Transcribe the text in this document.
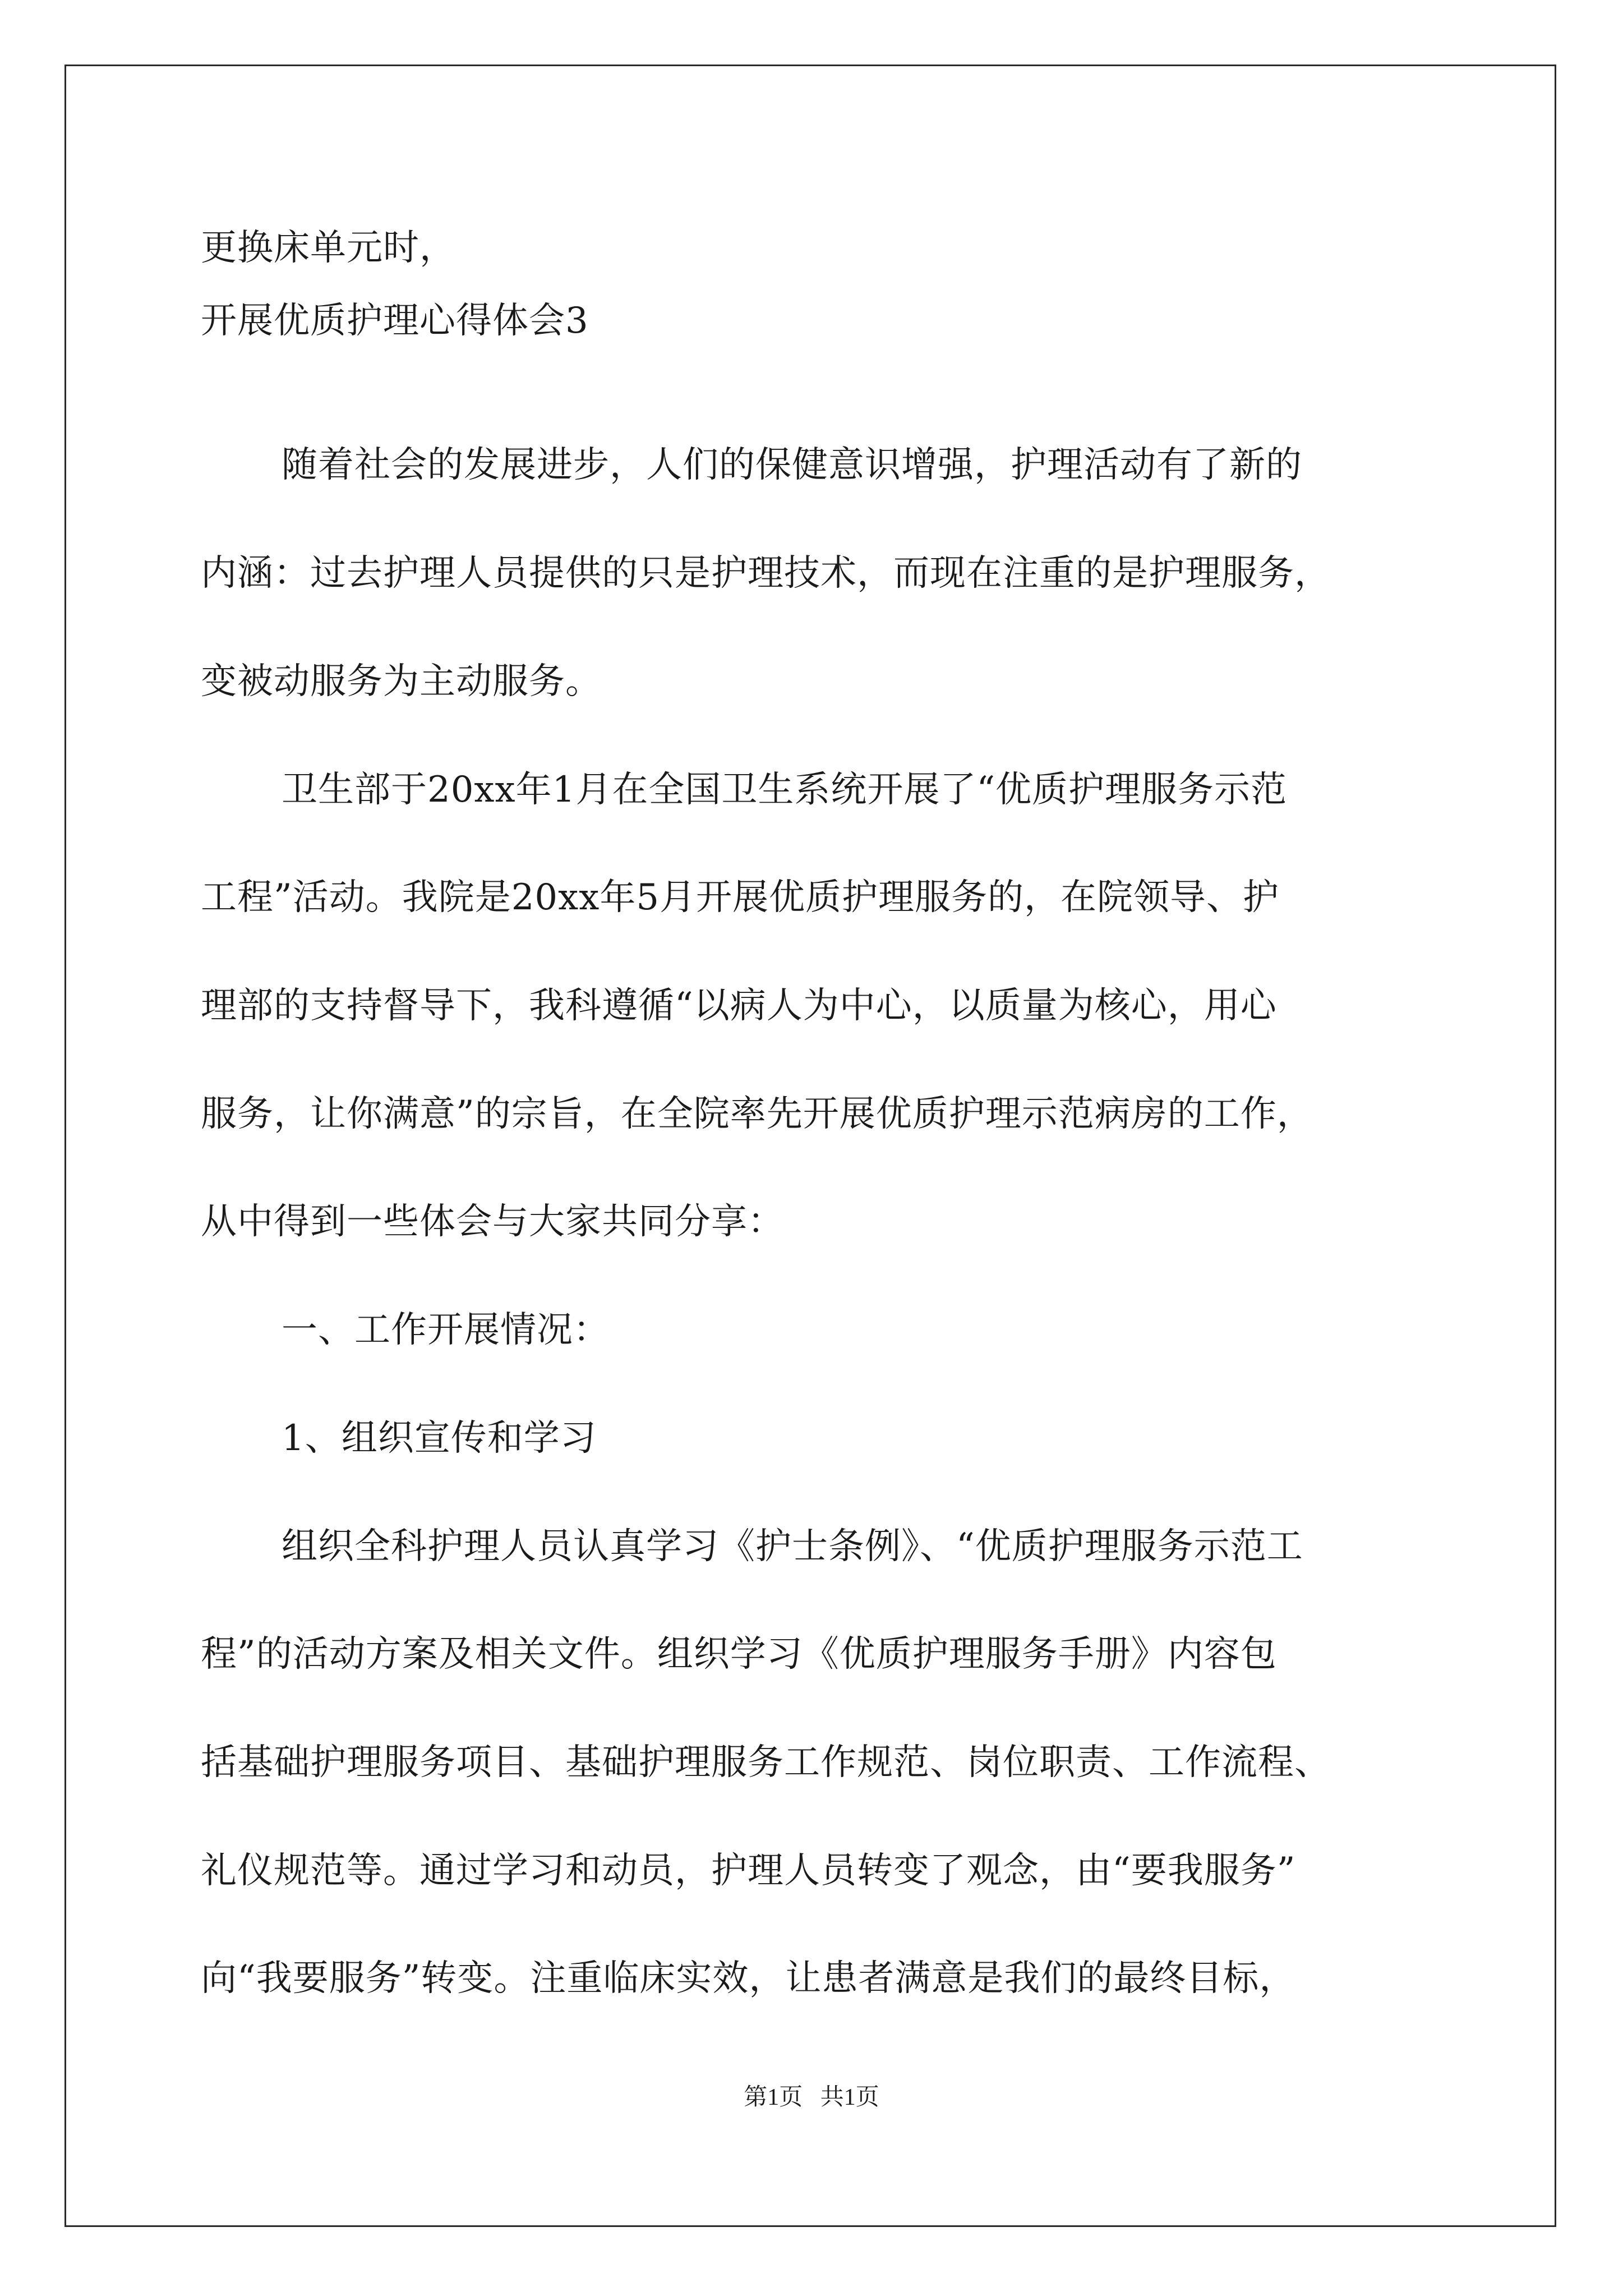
更换床单元时，

开展优质护理心得体会3

随着社会的发展进步，人们的保健意识增强，护理活动有了新的

内涵：过去护理人员提供的只是护理技术，而现在注重的是护理服务，

变被动服务为主动服务。

卫生部于20xx年1月在全国卫生系统开展了“优质护理服务示范

工程”活动。我院是20xx年5月开展优质护理服务的，在院领导、护

理部的支持督导下，我科遵循“以病人为中心，以质量为核心，用心

服务，让你满意”的宗旨，在全院率先开展优质护理示范病房的工作，

从中得到一些体会与大家共同分享：

一、工作开展情况：

1、组织宣传和学习

组织全科护理人员认真学习《护士条例》、“优质护理服务示范工

程”的活动方案及相关文件。组织学习《优质护理服务手册》内容包

括基础护理服务项目、基础护理服务工作规范、岗位职责、工作流程、

礼仪规范等。通过学习和动员，护理人员转变了观念，由“要我服务”

向“我要服务”转变。注重临床实效，让患者满意是我们的最终目标，

第1页   共1页
